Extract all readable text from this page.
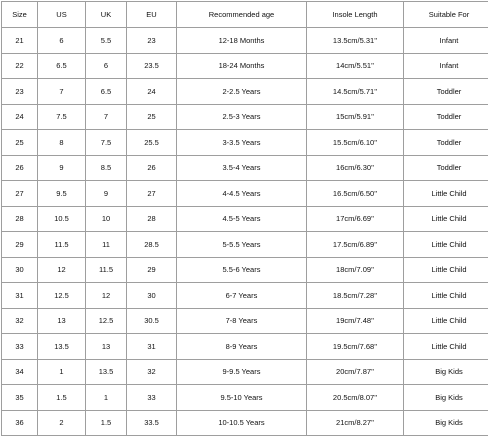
Size	US	UK	EU	Recommended age	Insole Length	Suitable For
21	6	5.5	23	12-18 Months	13.5cm/5.31''	Infant
22	6.5	6	23.5	18-24 Months	14cm/5.51''	Infant
23	7	6.5	24	2-2.5 Years	14.5cm/5.71''	Toddler
24	7.5	7	25	2.5-3 Years	15cm/5.91''	Toddler
25	8	7.5	25.5	3-3.5 Years	15.5cm/6.10''	Toddler
26	9	8.5	26	3.5-4 Years	16cm/6.30''	Toddler
27	9.5	9	27	4-4.5 Years	16.5cm/6.50''	Little Child
28	10.5	10	28	4.5-5 Years	17cm/6.69''	Little Child
29	11.5	11	28.5	5-5.5 Years	17.5cm/6.89''	Little Child
30	12	11.5	29	5.5-6 Years	18cm/7.09''	Little Child
31	12.5	12	30	6-7 Years	18.5cm/7.28''	Little Child
32	13	12.5	30.5	7-8 Years	19cm/7.48''	Little Child
33	13.5	13	31	8-9 Years	19.5cm/7.68''	Little Child
34	1	13.5	32	9-9.5 Years	20cm/7.87''	Big Kids
35	1.5	1	33	9.5-10 Years	20.5cm/8.07''	Big Kids
36	2	1.5	33.5	10-10.5 Years	21cm/8.27''	Big Kids
